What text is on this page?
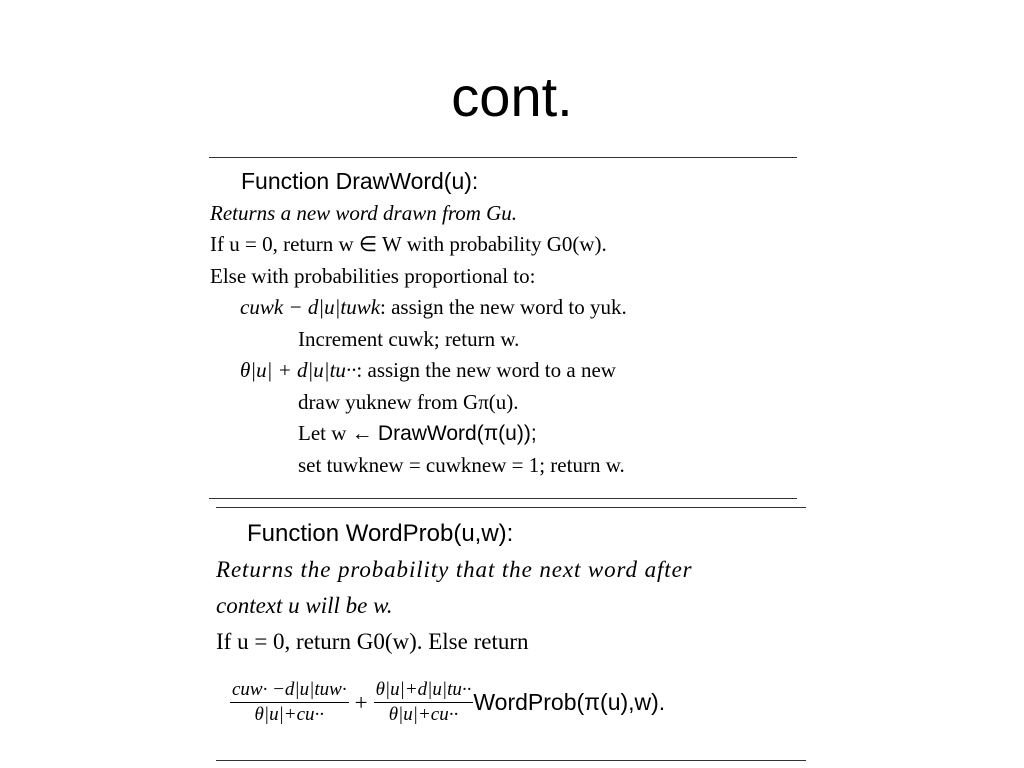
cont.
Function DrawWord(u):
Returns a new word drawn from Gu.
If u = 0, return w ∈ W with probability G0(w).
Else with probabilities proportional to:
cuwk − d|u|tuwk: assign the new word to yuk.
Increment cuwk; return w.
θ|u| + d|u|tu··: assign the new word to a new
draw yuknew from Gπ(u).
Let w ← DrawWord(π(u));
set tuwknew = cuwknew = 1; return w.
Function WordProb(u,w):
Returns the probability that the next word after
context u will be w.
If u = 0, return G0(w). Else return
$\frac{\text{cuw· −d|u|tuw·}}{\theta|u|+cu\cdot\cdot} + \frac{\theta|u|+d|u|tu\cdot\cdot}{\theta|u|+cu\cdot\cdot}$ WordProb(π(u),w).
